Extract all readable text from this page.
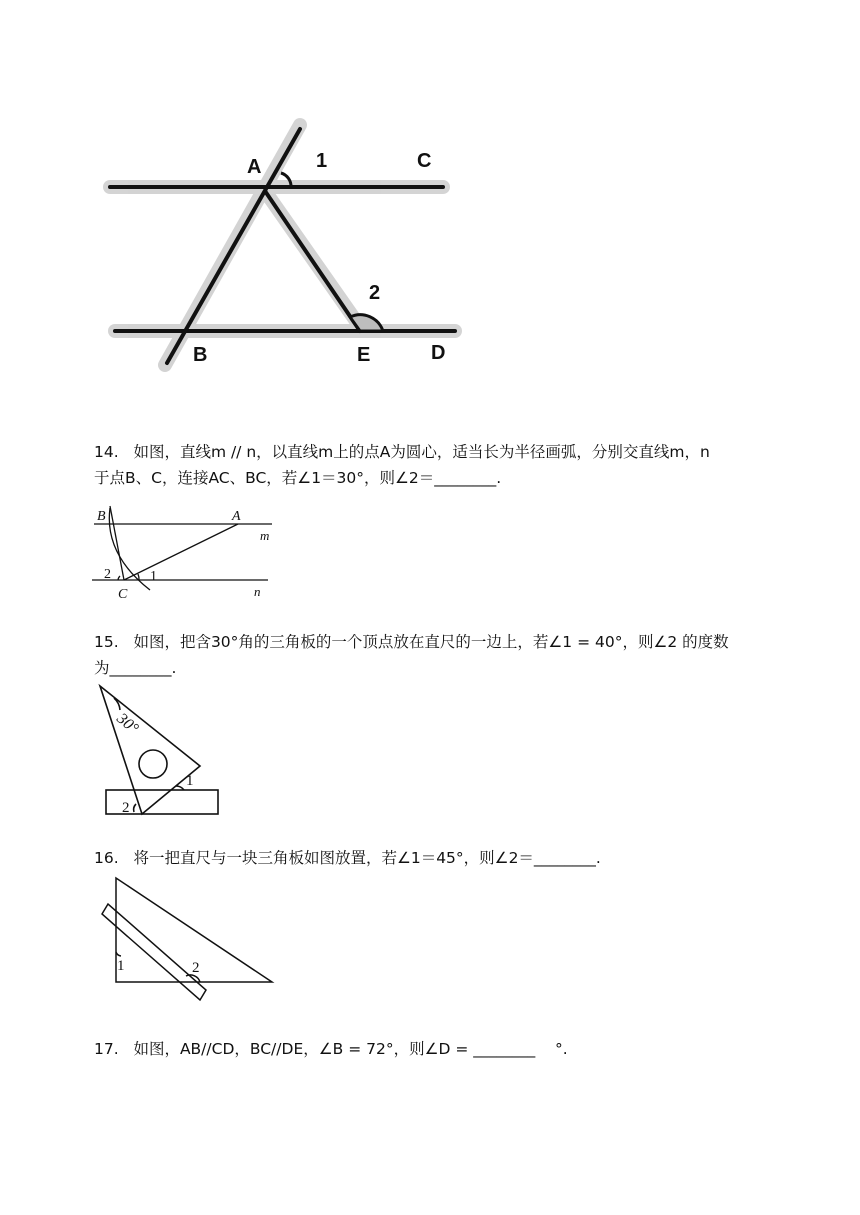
A	1	C
2
B	E	D
14. 如图，直线m // n，以直线m上的点A为圆心，适当长为半径画弧，分别交直线m，n
于点B、C，连接AC、BC，若∠1＝30°，则∠2＝________.
B	A
m
2	1
C	n
15. 如图，把含30°角的三角板的一个顶点放在直尺的一边上，若∠1 = 40°，则∠2 的度数
为________.
30°
1
2
16. 将一把直尺与一块三角板如图放置，若∠1＝45°，则∠2＝________.
1	2
17. 如图，AB//CD，BC//DE，∠B = 72°，则∠D = ________    °.
